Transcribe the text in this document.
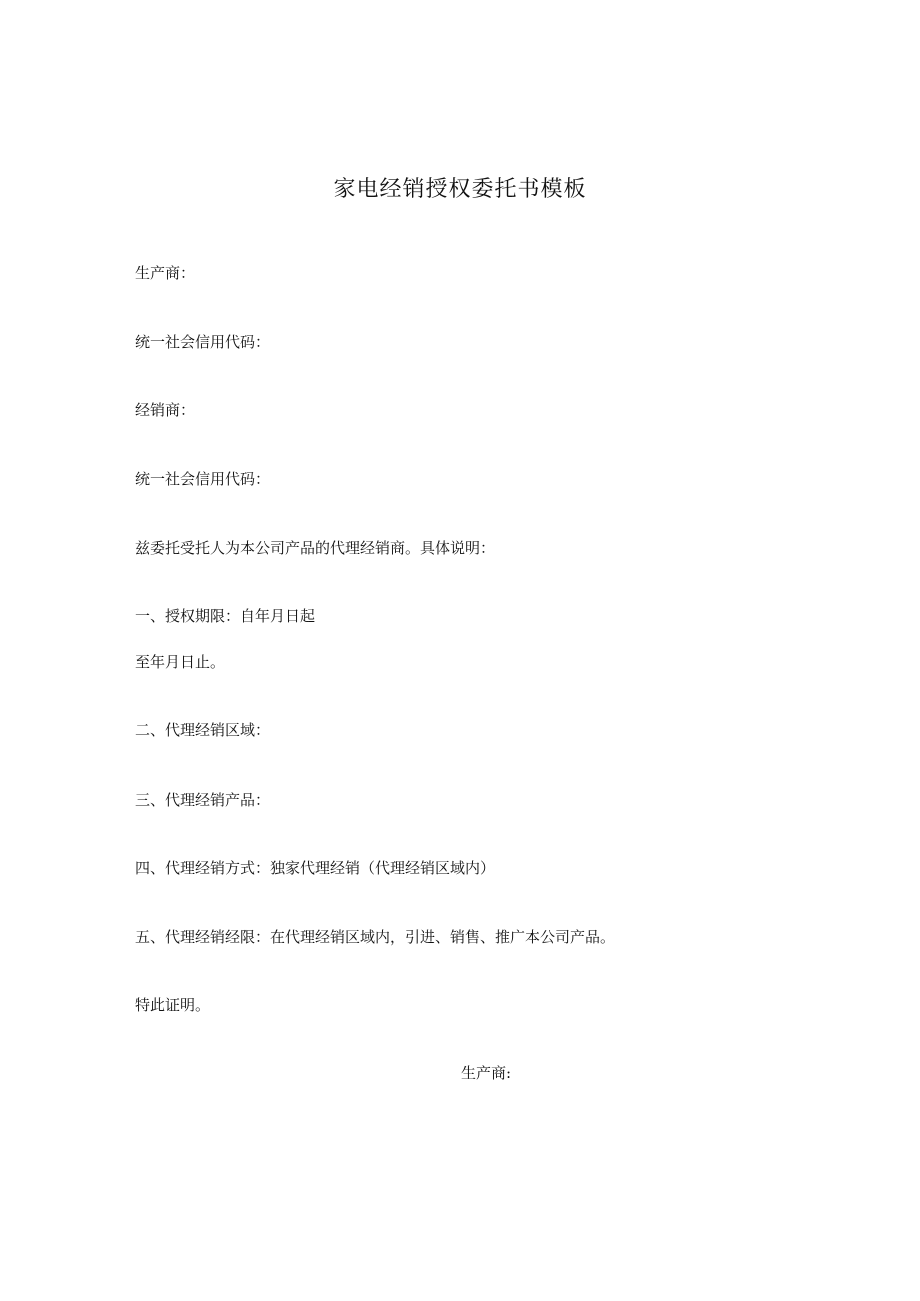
家电经销授权委托书模板
生产商：
统一社会信用代码：
经销商：
统一社会信用代码：
兹委托受托人为本公司产品的代理经销商。具体说明：
一、授权期限：自年月日起
至年月日止。
二、代理经销区域：
三、代理经销产品：
四、代理经销方式：独家代理经销（代理经销区域内）
五、代理经销经限：在代理经销区域内，引进、销售、推广本公司产品。
特此证明。
生产商:
